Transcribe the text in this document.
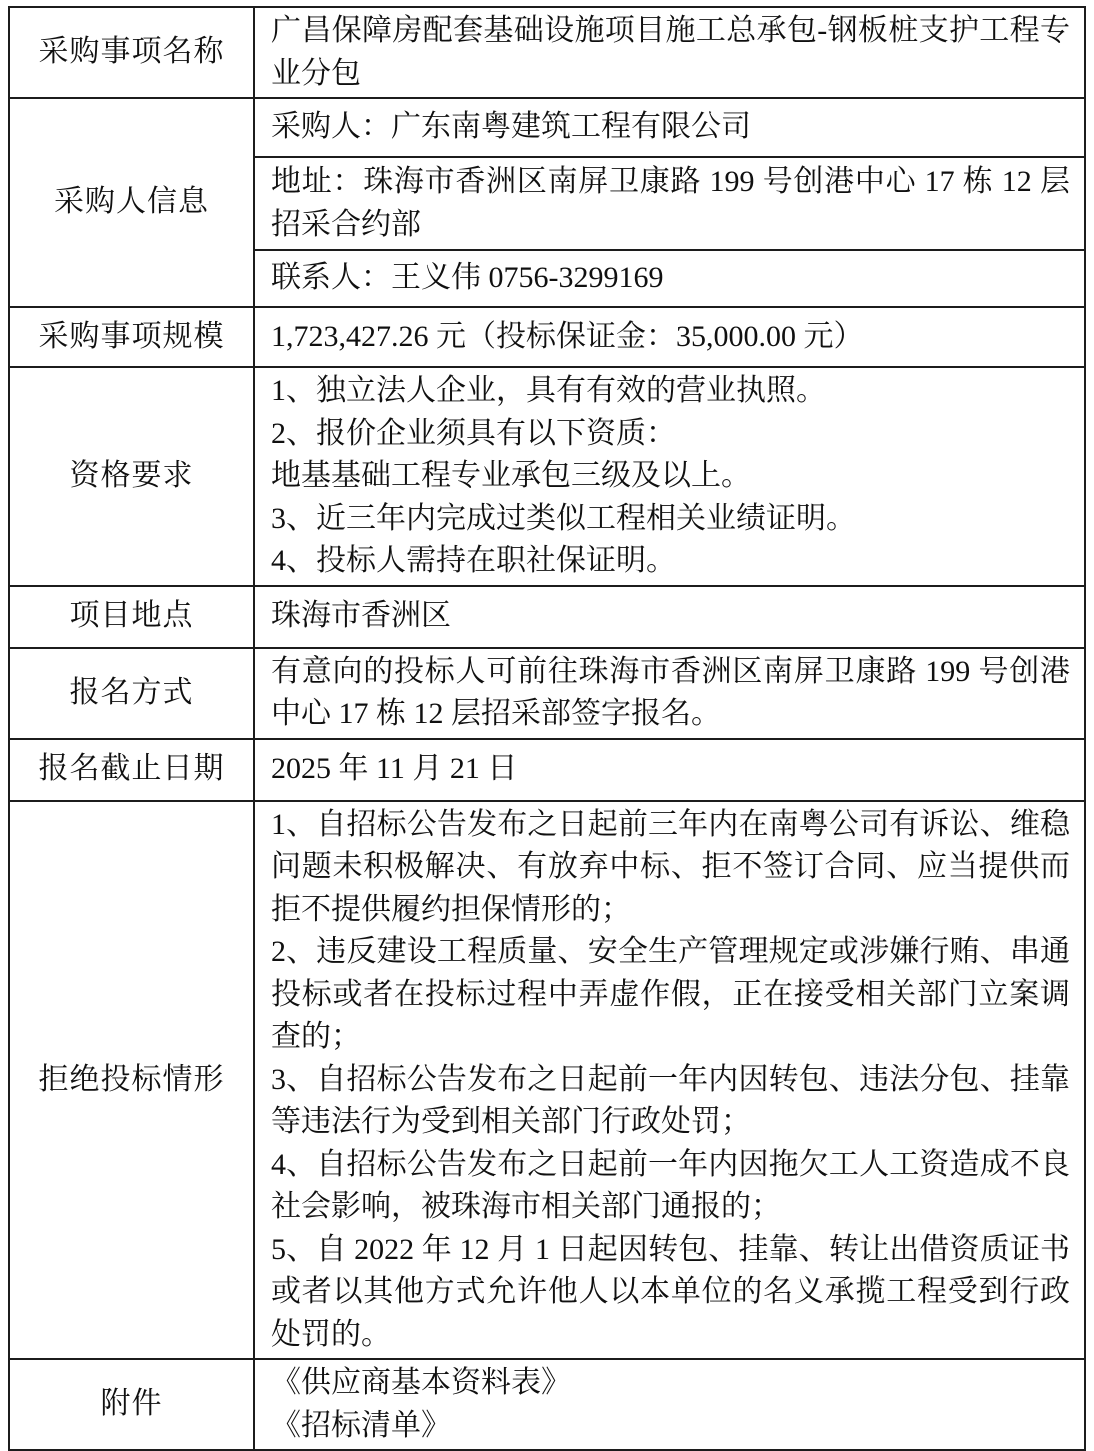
采购事项名称	广昌保障房配套基础设施项目施工总承包-钢板桩支护工程专业分包
采购人信息	采购人：广东南粤建筑工程有限公司
	地址：珠海市香洲区南屏卫康路 199 号创港中心 17 栋 12 层招采合约部
	联系人：王义伟 0756-3299169
采购事项规模	1,723,427.26 元（投标保证金：35,000.00 元）
资格要求	1、独立法人企业，具有有效的营业执照。

2、报价企业须具有以下资质：

地基基础工程专业承包三级及以上。

3、近三年内完成过类似工程相关业绩证明。

4、投标人需持在职社保证明。

项目地点	珠海市香洲区
报名方式	有意向的投标人可前往珠海市香洲区南屏卫康路 199 号创港中心 17 栋 12 层招采部签字报名。
报名截止日期	2025 年 11 月 21 日
拒绝投标情形	1、自招标公告发布之日起前三年内在南粤公司有诉讼、维稳问题未积极解决、有放弃中标、拒不签订合同、应当提供而拒不提供履约担保情形的；

2、违反建设工程质量、安全生产管理规定或涉嫌行贿、串通投标或者在投标过程中弄虚作假，正在接受相关部门立案调查的；

3、自招标公告发布之日起前一年内因转包、违法分包、挂靠等违法行为受到相关部门行政处罚；

4、自招标公告发布之日起前一年内因拖欠工人工资造成不良社会影响，被珠海市相关部门通报的；

5、自 2022 年 12 月 1 日起因转包、挂靠、转让出借资质证书或者以其他方式允许他人以本单位的名义承揽工程受到行政处罚的。

附件	《供应商基本资料表》

《招标清单》
